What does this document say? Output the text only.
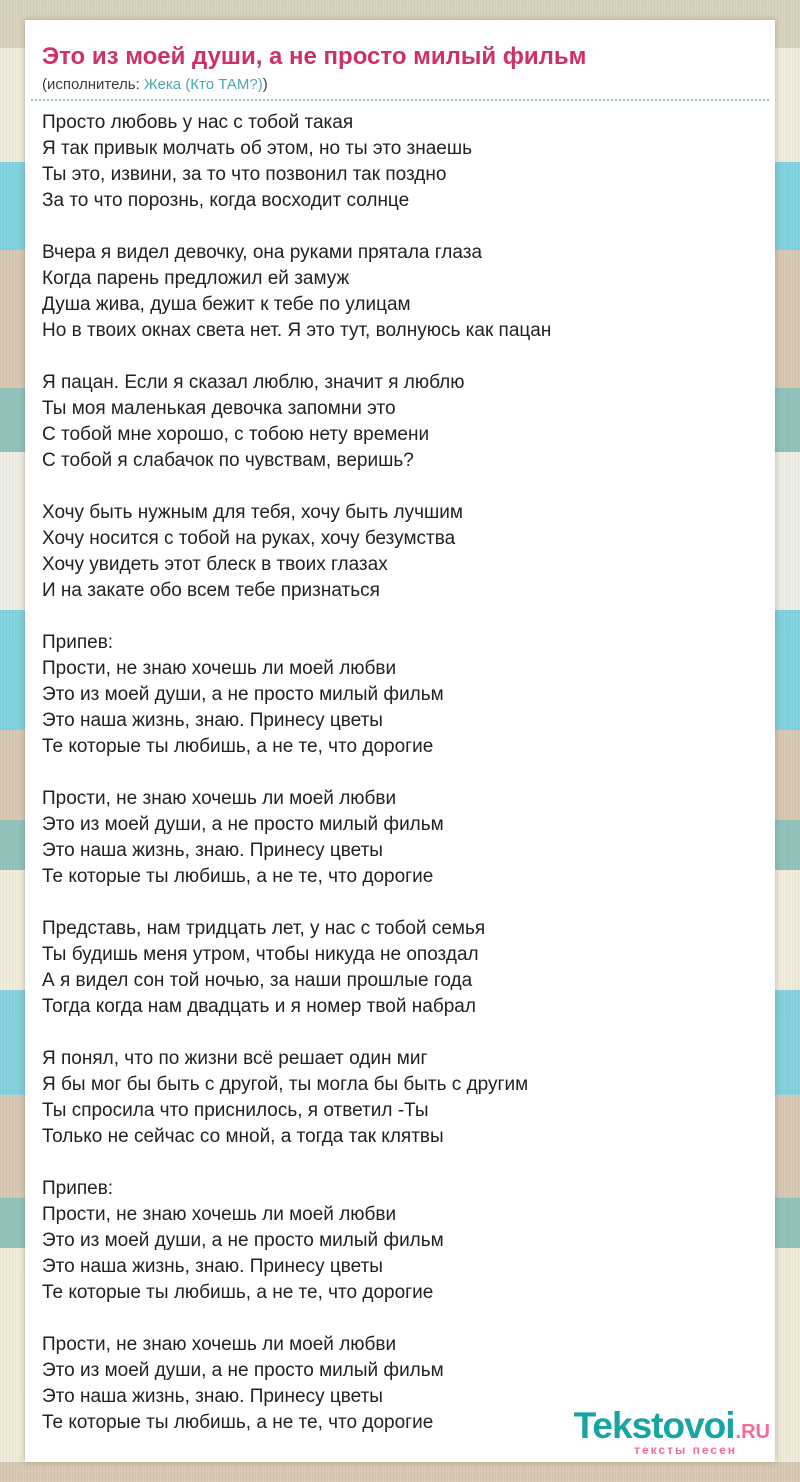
Это из моей души, а не просто милый фильм
(исполнитель: Жека (Кто ТАМ?))

Просто любовь у нас с тобой такая
Я так привык молчать об этом, но ты это знаешь
Ты это, извини, за то что позвонил так поздно
За то что порознь, когда восходит солнце

Вчера я видел девочку, она руками прятала глаза
Когда парень предложил ей замуж
Душа жива, душа бежит к тебе по улицам
Но в твоих окнах света нет. Я это тут, волнуюсь как пацан

Я пацан. Если я сказал люблю, значит я люблю
Ты моя маленькая девочка запомни это
С тобой мне хорошо, с тобою нету времени
С тобой я слабачок по чувствам, веришь?

Хочу быть нужным для тебя, хочу быть лучшим
Хочу носится с тобой на руках, хочу безумства
Хочу увидеть этот блеск в твоих глазах
И на закате обо всем тебе признаться

Припев:
Прости, не знаю хочешь ли моей любви
Это из моей души, а не просто милый фильм
Это наша жизнь, знаю. Принесу цветы
Те которые ты любишь, а не те, что дорогие

Прости, не знаю хочешь ли моей любви
Это из моей души, а не просто милый фильм
Это наша жизнь, знаю. Принесу цветы
Те которые ты любишь, а не те, что дорогие

Представь, нам тридцать лет, у нас с тобой семья
Ты будишь меня утром, чтобы никуда не опоздал
А я видел сон той ночью, за наши прошлые года
Тогда когда нам двадцать и я номер твой набрал

Я понял, что по жизни всё решает один миг
Я бы мог бы быть с другой, ты могла бы быть с другим
Ты спросила что приснилось, я ответил -Ты
Только не сейчас со мной, а тогда так клятвы

Припев:
Прости, не знаю хочешь ли моей любви
Это из моей души, а не просто милый фильм
Это наша жизнь, знаю. Принесу цветы
Те которые ты любишь, а не те, что дорогие

Прости, не знаю хочешь ли моей любви
Это из моей души, а не просто милый фильм
Это наша жизнь, знаю. Принесу цветы
Те которые ты любишь, а не те, что дорогие	Tekstovoi .RU
тексты песен
